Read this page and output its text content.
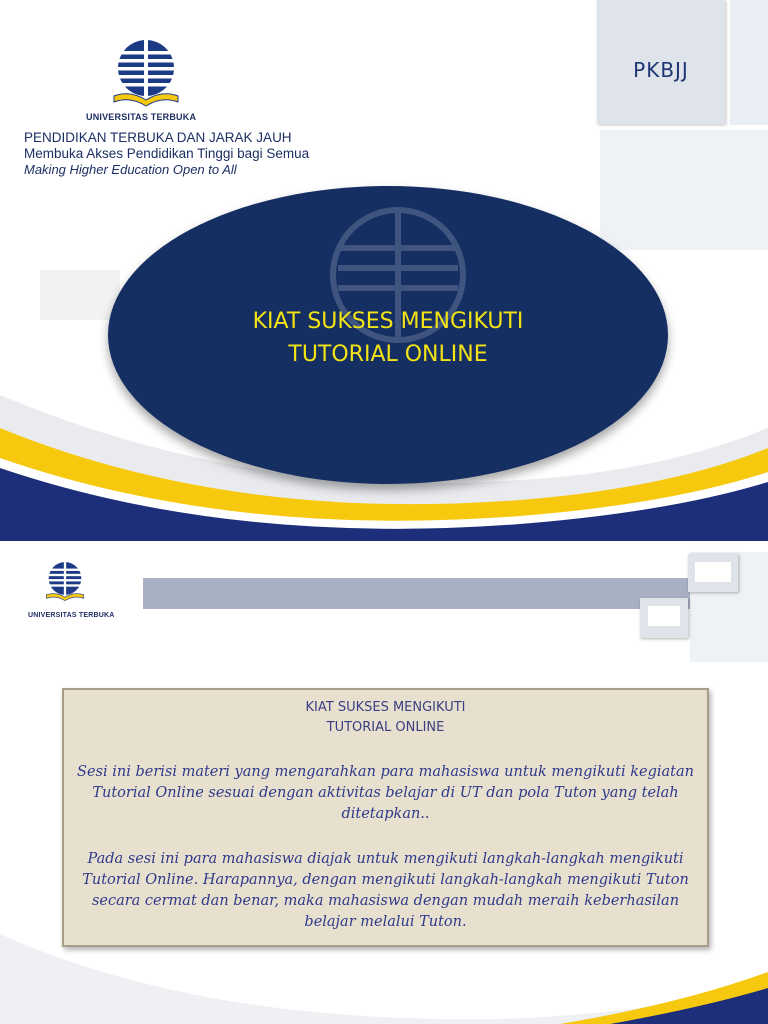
UNIVERSITAS TERBUKA
PENDIDIKAN TERBUKA DAN JARAK JAUH
Membuka Akses Pendidikan Tinggi bagi Semua
Making Higher Education Open to All
PKBJJ
KIAT SUKSES MENGIKUTI
TUTORIAL ONLINE
UNIVERSITAS TERBUKA
KIAT SUKSES MENGIKUTI
TUTORIAL ONLINE
Sesi ini berisi materi yang mengarahkan para mahasiswa untuk mengikuti kegiatan Tutorial Online sesuai dengan aktivitas belajar di UT dan pola Tuton yang telah ditetapkan..
Pada sesi ini para mahasiswa diajak untuk mengikuti langkah-langkah mengikuti Tutorial Online. Harapannya, dengan mengikuti langkah-langkah mengikuti Tuton secara cermat dan benar, maka mahasiswa dengan mudah meraih keberhasilan belajar melalui Tuton.
